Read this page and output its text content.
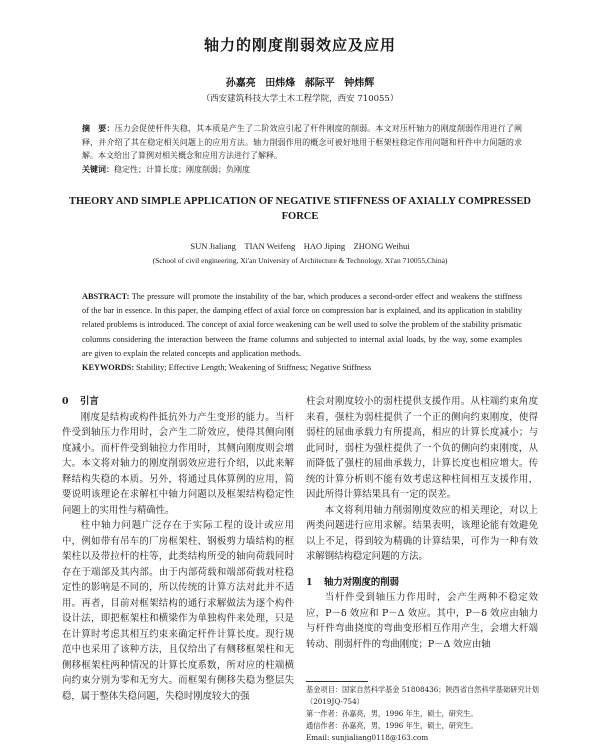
轴力的刚度削弱效应及应用
孙嘉亮 田炜烽 郝际平 钟炜辉
（西安建筑科技大学土木工程学院，西安 710055）

摘　要：压力会促使杆件失稳，其本质是产生了二阶效应引起了杆件刚度的削弱。本文对压杆轴力的刚度削弱作用进行了阐释，并介绍了其在稳定相关问题上的应用方法。轴力削弱作用的概念可被好地用于框架柱稳定作用问题和杆件中力间题的求解。本文给出了算例对相关概念和应用方法进行了解释。

关键词：稳定性；计算长度；刚度削弱；负刚度

THEORY AND SIMPLE APPLICATION OF NEGATIVE STIFFNESS OF AXIALLY COMPRESSED FORCE
SUN Jialiang　TIAN Weifeng　HAO Jiping　ZHONG Weihui
(School of civil engineering, Xi'an University of Architecture & Technology, Xi'an 710055,China)

ABSTRACT: The pressure will promote the instability of the bar, which produces a second-order effect and weakens the stiffness of the bar in essence. In this paper, the damping effect of axial force on compression bar is explained, and its application in stability related problems is introduced. The concept of axial force weakening can be well used to solve the problem of the stability prismatic columns considering the interaction between the frame columns and subjected to internal axial loads, by the way, some examples are given to explain the related concepts and application methods.

KEYWORDS: Stability; Effective Length; Weakening of Stiffness; Negative Stiffness

0 引言

刚度是结构或构件抵抗外力产生变形的能力。当杆件受到轴压力作用时，会产生二阶效应，使得其侧向刚度减小。而杆件受到轴拉力作用时，其侧向刚度则会增大。本文将对轴力的刚度削弱效应进行介绍，以此来解释结构失稳的本质。另外，将通过具体算例的应用，简要说明该理论在求解杠中轴力问题以及框架结构稳定性问题上的实用性与精确性。

柱中轴力问题广泛存在于实际工程的设计或应用中，例如带有吊车的厂房框架柱、钢板剪力墙结构的框架柱以及带拉杆的柱等，此类结构所受的轴向荷载同时存在于端部及其内部。由于内部荷载和端部荷载对柱稳定性的影响是不同的，所以传统的计算方法对此并不适用。再者，目前对框架结构的通行求解做法为逐个构件设计法，即把框架柱和横梁作为单独构件来处理，只是在计算时考虑其相互约束来确定杆件计算长度。现行规范中也采用了该种方法，且仅给出了有侧移框架柱和无侧移框架柱两种情况的计算长度系数，所对应的柱端横向约束分别为零和无穷大。而框架有侧移失稳为整层失稳，属于整体失稳问题，失稳时刚度较大的强

柱会对刚度较小的弱柱提供支援作用。从柱端约束角度来看，强柱为弱柱提供了一个正的侧向约束刚度，使得弱柱的屈曲承载力有所提高，相应的计算长度减小；与此同时，弱柱为强柱提供了一个负的侧向约束刚度，从而降低了强柱的屈曲承载力，计算长度也相应增大。传统的计算分析则不能有效考虑这种柱间相互支援作用，因此所得计算结果具有一定的误差。

本文将利用轴力削弱刚度效应的相关理论，对以上两类问题进行应用求解。结果表明，该理论能有效避免以上不足，得到较为精确的计算结果，可作为一种有效求解钢结构稳定问题的方法。

1 轴力对刚度的削弱

当杆件受到轴压力作用时，会产生两种不稳定效应，P－δ 效应和 P－Δ 效应。其中，P－δ 效应由轴力与杆件弯曲挠度的弯曲变形相互作用产生，会增大杆端转动、削弱杆件的弯曲刚度；P－Δ 效应由轴

基金项目：国家自然科学基金 51808436；陕西省自然科学基础研究计划（2019JQ-754）

第一作者：孙嘉亮，男，1996 年生，硕士，研究生。

通信作者：孙嘉亮，男，1996 年生，硕士，研究生。

Email: sunjialiang0118@163.com
